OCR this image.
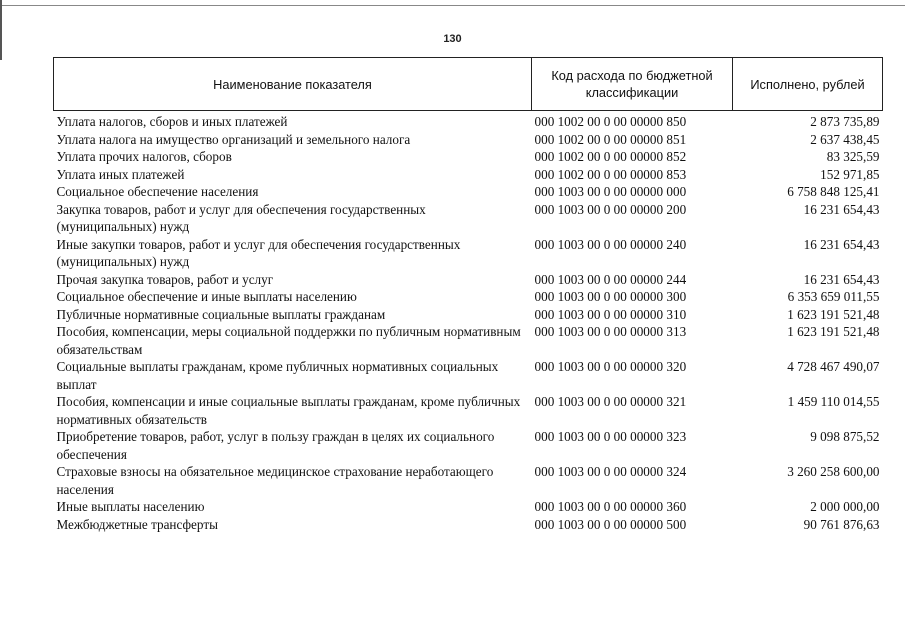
130
Наименование показателя	Код расхода по бюджетной классификации	Исполнено, рублей
Уплата налогов, сборов и иных платежей	000 1002 00 0 00 00000 850	2 873 735,89
Уплата налога на имущество организаций и земельного налога	000 1002 00 0 00 00000 851	2 637 438,45
Уплата прочих налогов, сборов	000 1002 00 0 00 00000 852	83 325,59
Уплата иных платежей	000 1002 00 0 00 00000 853	152 971,85
Социальное обеспечение населения	000 1003 00 0 00 00000 000	6 758 848 125,41
Закупка товаров, работ и услуг для обеспечения государственных (муниципальных) нужд	000 1003 00 0 00 00000 200	16 231 654,43
Иные закупки товаров, работ и услуг для обеспечения государственных (муниципальных) нужд	000 1003 00 0 00 00000 240	16 231 654,43
Прочая закупка товаров, работ и услуг	000 1003 00 0 00 00000 244	16 231 654,43
Социальное обеспечение и иные выплаты населению	000 1003 00 0 00 00000 300	6 353 659 011,55
Публичные нормативные социальные выплаты гражданам	000 1003 00 0 00 00000 310	1 623 191 521,48
Пособия, компенсации, меры социальной поддержки по публичным нормативным обязательствам	000 1003 00 0 00 00000 313	1 623 191 521,48
Социальные выплаты гражданам, кроме публичных нормативных социальных выплат	000 1003 00 0 00 00000 320	4 728 467 490,07
Пособия, компенсации и иные социальные выплаты гражданам, кроме публичных нормативных обязательств	000 1003 00 0 00 00000 321	1 459 110 014,55
Приобретение товаров, работ, услуг в пользу граждан в целях их социального обеспечения	000 1003 00 0 00 00000 323	9 098 875,52
Страховые взносы на обязательное медицинское страхование неработающего населения	000 1003 00 0 00 00000 324	3 260 258 600,00
Иные выплаты населению	000 1003 00 0 00 00000 360	2 000 000,00
Межбюджетные трансферты	000 1003 00 0 00 00000 500	90 761 876,63
